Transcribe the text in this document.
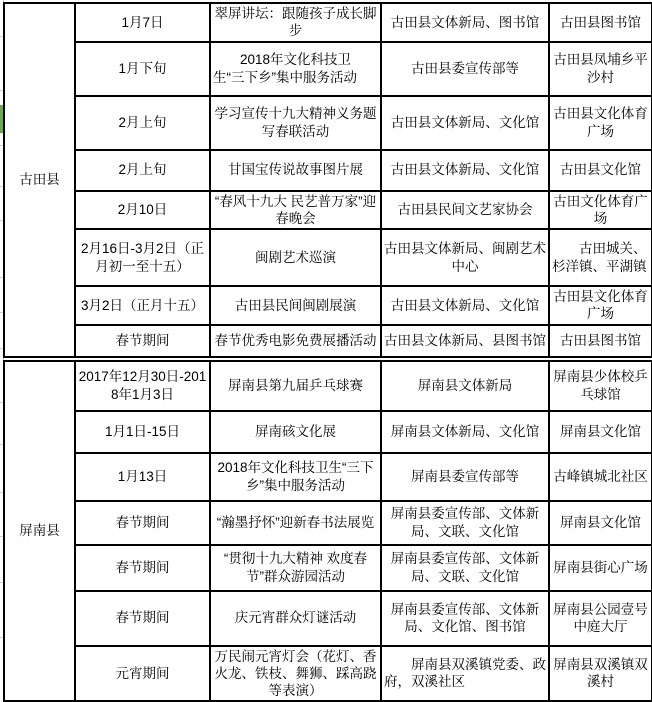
古田县	1月7日	翠屏讲坛：跟随孩子成长脚步	古田县文体新局、图书馆	古田县图书馆
	1月下旬	2018年文化科技卫生“三下乡”集中服务活动	古田县委宣传部等	古田县凤埔乡平沙村
	2月上旬	学习宣传十九大精神义务题写春联活动	古田县文体新局、文化馆	古田县文化体育广场
	2月上旬	甘国宝传说故事图片展	古田县文体新局、文化馆	古田县文化馆
	2月10日	“春风十九大 民艺普万家”迎春晚会	古田县民间文艺家协会	古田文化体育广场
	2月16日-3月2日（正月初一至十五）	闽剧艺术巡演	古田县文体新局、闽剧艺术中心	古田城关、杉洋镇、平湖镇
	3月2日（正月十五）	古田县民间闽剧展演	古田县文体新局、文化馆	古田县文化体育广场
	春节期间	春节优秀电影免费展播活动	古田县文体新局、县图书馆	古田县图书馆
屏南县	2017年12月30日-2018年1月3日	屏南县第九届乒乓球赛	屏南县文体新局	屏南县少体校乒乓球馆
	1月1日-15日	屏南硋文化展	屏南县文体新局、文化馆	屏南县文化馆
	1月13日	2018年文化科技卫生“三下乡”集中服务活动	屏南县委宣传部等	古峰镇城北社区
	春节期间	“瀚墨抒怀”迎新春书法展览	屏南县委宣传部、文体新局、文联、文化馆	屏南县文化馆
	春节期间	“贯彻十九大精神 欢度春节”群众游园活动	屏南县委宣传部、文体新局、文联、文化馆	屏南县街心广场
	春节期间	庆元宵群众灯谜活动	屏南县委宣传部、文体新局、文化馆、图书馆	屏南县公园壹号中庭大厅
	元宵期间	万民闹元宵灯会（花灯、香火龙、铁枝、舞狮、踩高跷等表演）	屏南县双溪镇党委、政府，双溪社区	屏南县双溪镇双溪村
